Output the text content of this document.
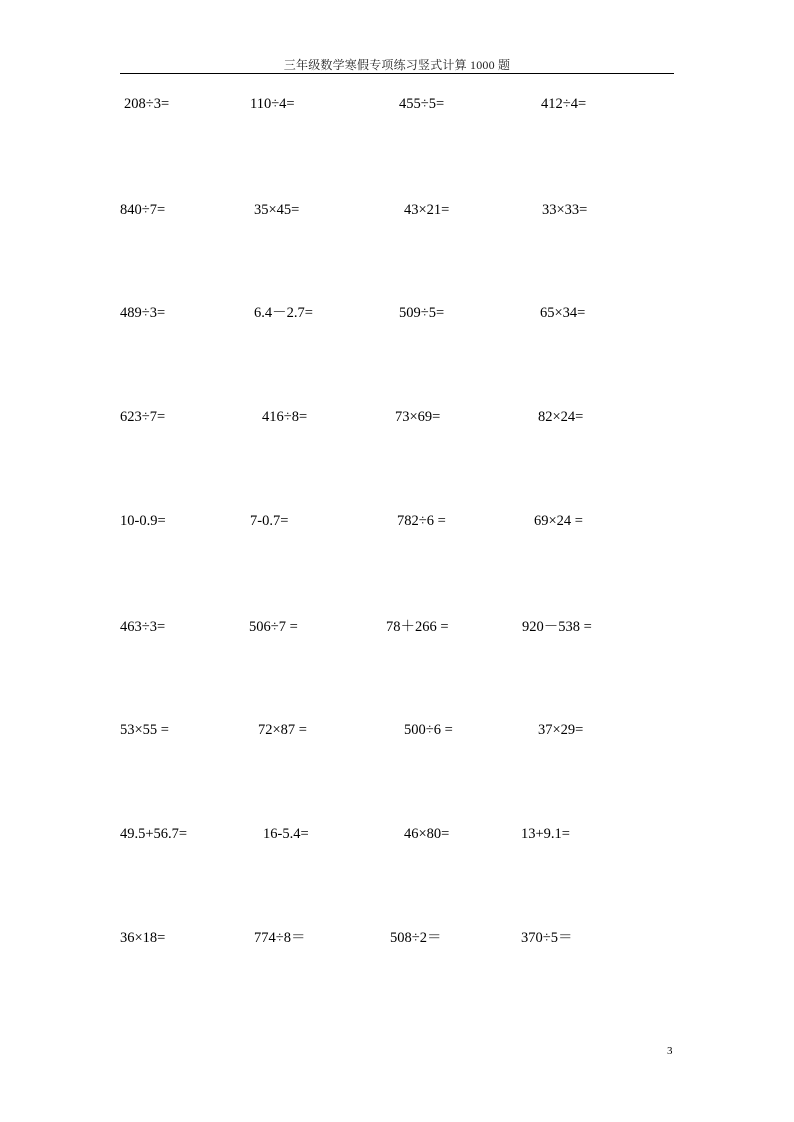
三年级数学寒假专项练习竖式计算 1000 题
208÷3=	110÷4=	455÷5=	412÷4=
840÷7=	35×45=	43×21=	33×33=
489÷3=	6.4－2.7=	509÷5=	65×34=
623÷7=	416÷8=	73×69=	82×24=
10-0.9=	7-0.7=	782÷6 =	69×24 =
463÷3=	506÷7 =	78＋266 =	920－538 =
53×55 =	72×87 =	500÷6 =	37×29=
49.5+56.7=	16-5.4=	46×80=	13+9.1=
36×18=	774÷8＝	508÷2＝	370÷5＝
3
